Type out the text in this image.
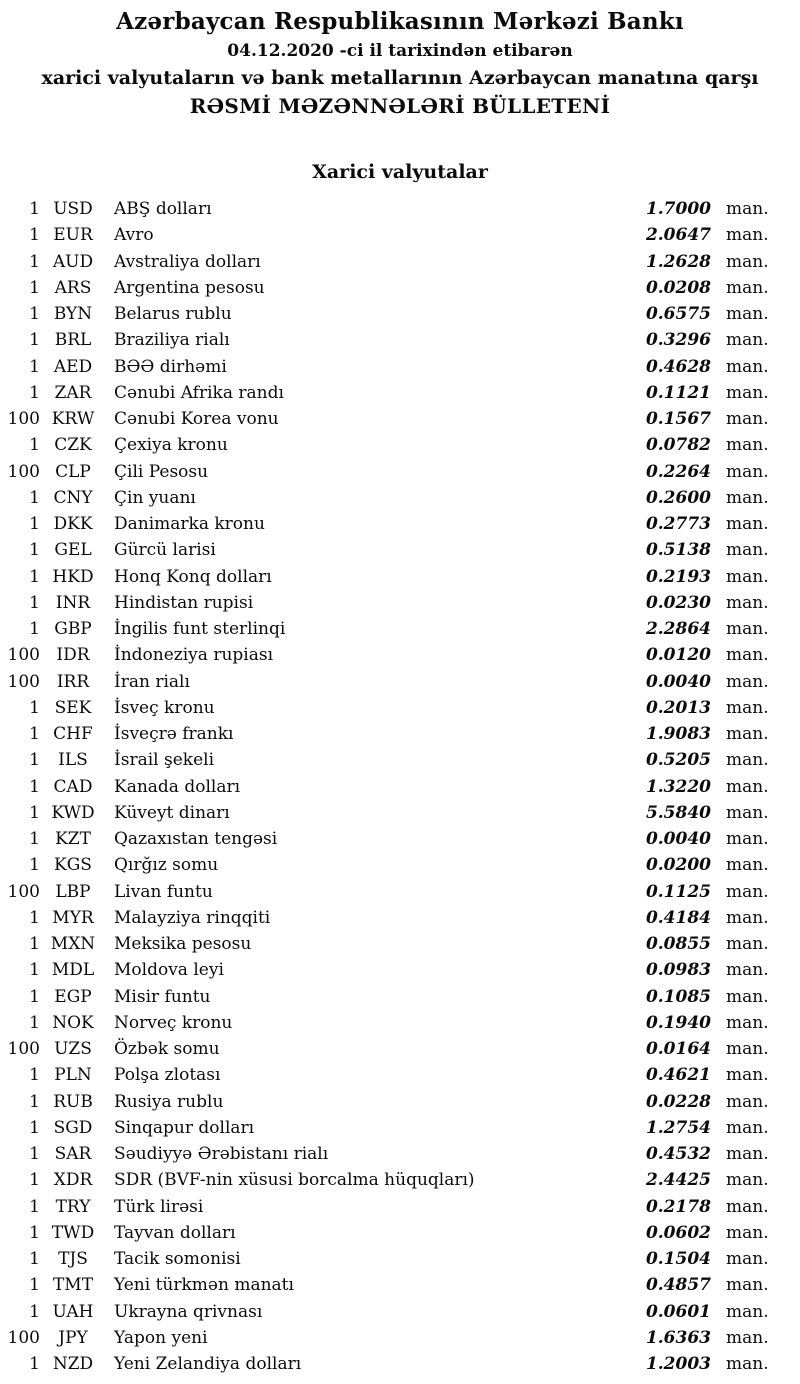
Azərbaycan Respublikasının Mərkəzi Bankı
04.12.2020 -ci il tarixindən etibarən
xarici valyutaların və bank metallarının Azərbaycan manatına qarşı
RƏSMİ MƏZƏNNƏLƏRİ BÜLLETENİ
Xarici valyutalar
1 USD	ABŞ dolları	1.7000 man.
1 EUR	Avro	2.0647 man.
1 AUD	Avstraliya dolları	1.2628 man.
1 ARS	Argentina pesosu	0.0208 man.
1 BYN	Belarus rublu	0.6575 man.
1 BRL	Braziliya rialı	0.3296 man.
1 AED	BƏƏ dirhəmi	0.4628 man.
1 ZAR	Cənubi Afrika randı	0.1121 man.
100 KRW	Cənubi Korea vonu	0.1567 man.
1 CZK	Çexiya kronu	0.0782 man.
100 CLP	Çili Pesosu	0.2264 man.
1 CNY	Çin yuanı	0.2600 man.
1 DKK	Danimarka kronu	0.2773 man.
1 GEL	Gürcü larisi	0.5138 man.
1 HKD	Honq Konq dolları	0.2193 man.
1 INR	Hindistan rupisi	0.0230 man.
1 GBP	İngilis funt sterlinqi	2.2864 man.
100 IDR	İndoneziya rupiası	0.0120 man.
100 IRR	İran rialı	0.0040 man.
1 SEK	İsveç kronu	0.2013 man.
1 CHF	İsveçrə frankı	1.9083 man.
1	ILS	İsrail şekeli	0.5205 man.
1 CAD	Kanada dolları	1.3220 man.
1 KWD	Küveyt dinarı	5.5840 man.
1 KZT	Qazaxıstan tengəsi	0.0040 man.
1 KGS	Qırğız somu	0.0200 man.
100 LBP	Livan funtu	0.1125 man.
1 MYR	Malayziya rinqqiti	0.4184 man.
1 MXN	Meksika pesosu	0.0855 man.
1 MDL	Moldova leyi	0.0983 man.
1 EGP	Misir funtu	0.1085 man.
1 NOK	Norveç kronu	0.1940 man.
100 UZS	Özbək somu	0.0164 man.
1 PLN	Polşa zlotası	0.4621 man.
1 RUB	Rusiya rublu	0.0228 man.
1 SGD	Sinqapur dolları	1.2754 man.
1 SAR	Səudiyyə Ərəbistanı rialı	0.4532 man.
1 XDR	SDR (BVF-nin xüsusi borcalma hüquqları)	2.4425 man.
1 TRY	Türk lirəsi	0.2178 man.
1 TWD	Tayvan dolları	0.0602 man.
1	TJS	Tacik somonisi	0.1504 man.
1 TMT	Yeni türkmən manatı	0.4857 man.
1 UAH	Ukrayna qrivnası	0.0601 man.
100	JPY	Yapon yeni	1.6363 man.
1 NZD	Yeni Zelandiya dolları	1.2003 man.
